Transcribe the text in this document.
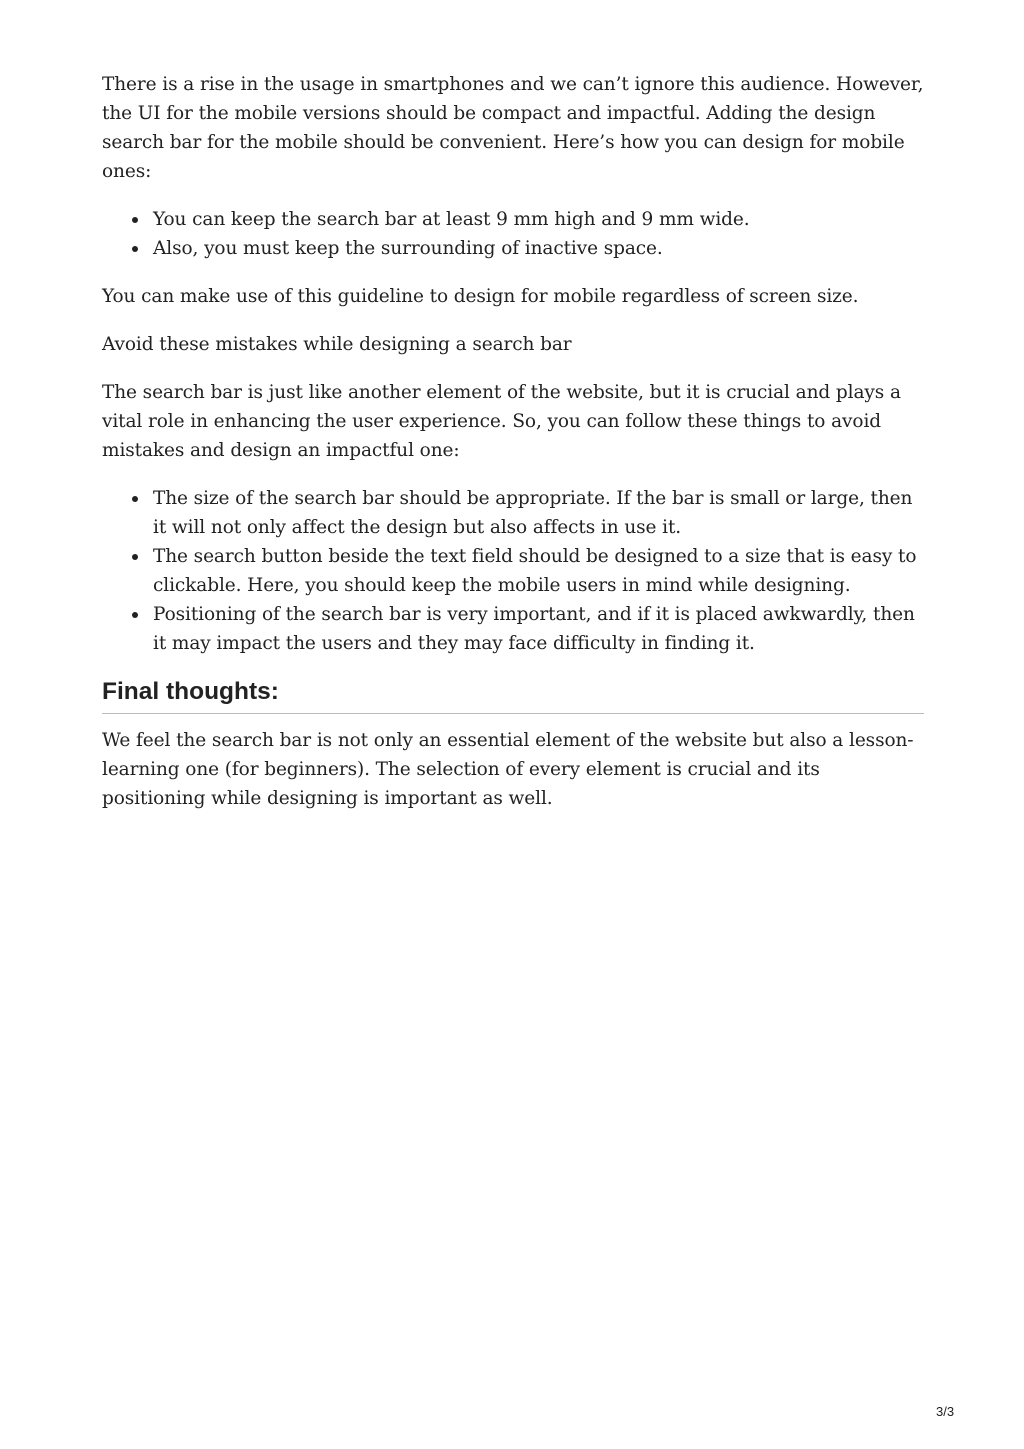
There is a rise in the usage in smartphones and we can’t ignore this audience. However, the UI for the mobile versions should be compact and impactful. Adding the design search bar for the mobile should be convenient. Here’s how you can design for mobile ones:

You can keep the search bar at least 9 mm high and 9 mm wide.
Also, you must keep the surrounding of inactive space.

You can make use of this guideline to design for mobile regardless of screen size.

Avoid these mistakes while designing a search bar

The search bar is just like another element of the website, but it is crucial and plays a vital role in enhancing the user experience. So, you can follow these things to avoid mistakes and design an impactful one:

The size of the search bar should be appropriate. If the bar is small or large, then it will not only affect the design but also affects in use it.
The search button beside the text field should be designed to a size that is easy to clickable. Here, you should keep the mobile users in mind while designing.
Positioning of the search bar is very important, and if it is placed awkwardly, then it may impact the users and they may face difficulty in finding it.
Final thoughts:

We feel the search bar is not only an essential element of the website but also a lesson-learning one (for beginners). The selection of every element is crucial and its positioning while designing is important as well.

3/3
